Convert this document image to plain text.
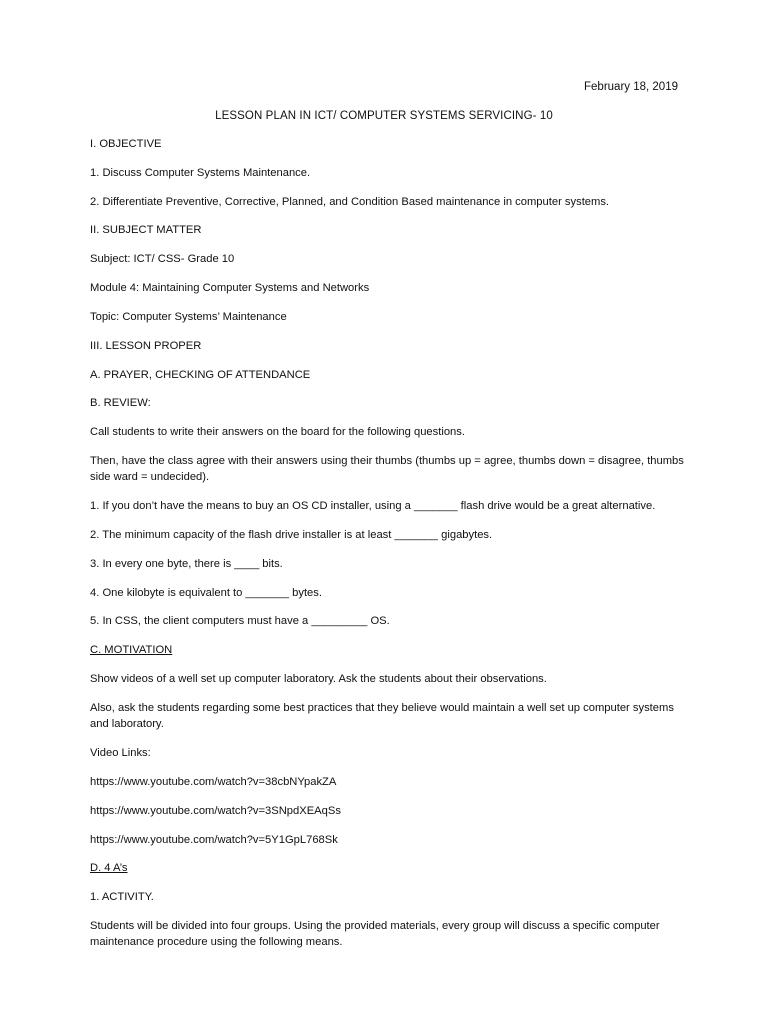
February 18, 2019
LESSON PLAN IN ICT/ COMPUTER SYSTEMS SERVICING- 10

I. OBJECTIVE

1. Discuss Computer Systems Maintenance.

2. Differentiate Preventive, Corrective, Planned, and Condition Based maintenance in computer systems.

II. SUBJECT MATTER

Subject: ICT/ CSS- Grade 10

Module 4: Maintaining Computer Systems and Networks

Topic: Computer Systems’ Maintenance

III. LESSON PROPER

A. PRAYER, CHECKING OF ATTENDANCE

B. REVIEW:

Call students to write their answers on the board for the following questions.

Then, have the class agree with their answers using their thumbs (thumbs up = agree, thumbs down = disagree, thumbs side ward = undecided).

1. If you don’t have the means to buy an OS CD installer, using a _______ flash drive would be a great alternative.

2. The minimum capacity of the flash drive installer is at least _______ gigabytes.

3. In every one byte, there is ____ bits.

4. One kilobyte is equivalent to _______ bytes.

5. In CSS, the client computers must have a _________ OS.

C. MOTIVATION

Show videos of a well set up computer laboratory. Ask the students about their observations.

Also, ask the students regarding some best practices that they believe would maintain a well set up computer systems and laboratory.

Video Links:

https://www.youtube.com/watch?v=38cbNYpakZA

https://www.youtube.com/watch?v=3SNpdXEAqSs

https://www.youtube.com/watch?v=5Y1GpL768Sk

D. 4 A’s

1. ACTIVITY.

Students will be divided into four groups. Using the provided materials, every group will discuss a specific computer maintenance procedure using the following means.
